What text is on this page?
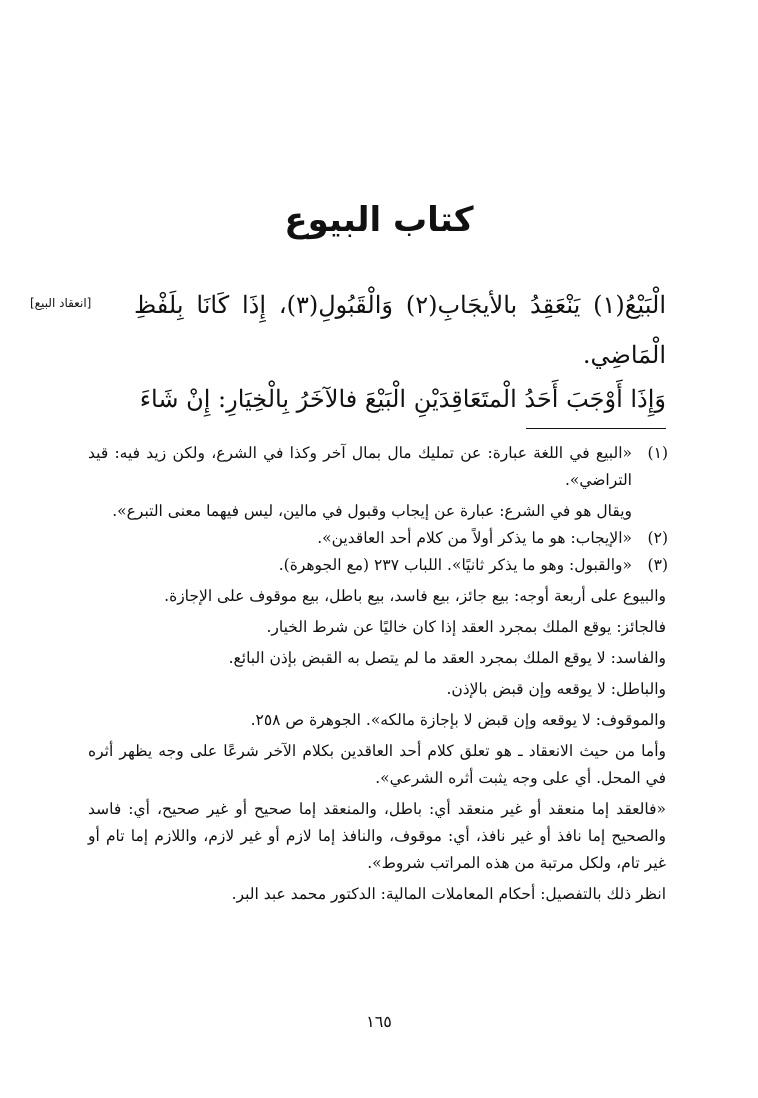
كتاب البيوع
[انعقاد البيع]	الْبَيْعُ(١) يَنْعَقِدُ بالأيجَابِ(٢) وَالْقَبُولِ(٣)، إِذَا كَانَا بِلَفْظِ الْمَاضِي.
وَإِذَا أَوْجَبَ أَحَدُ الْمتَعَاقِدَيْنِ الْبَيْعَ فالآخَرُ بِالْخِيَارِ: إِنْ شَاءَ
(١)

«البيع في اللغة عبارة: عن تمليك مال بمال آخر وكذا في الشرع، ولكن زيد فيه: قيد التراضي».

ويقال هو في الشرع: عبارة عن إيجاب وقبول في مالين، ليس فيهما معنى التبرع».

(٢)

«الإيجاب: هو ما يذكر أولاً من كلام أحد العاقدين».

(٣)

«والقبول: وهو ما يذكر ثانيًا». اللباب ٢٣٧ (مع الجوهرة).

والبيوع على أربعة أوجه: بيع جائز، بيع فاسد، بيع باطل، بيع موقوف على الإجازة.

فالجائز: يوقع الملك بمجرد العقد إذا كان خاليًا عن شرط الخيار.

والفاسد: لا يوقع الملك بمجرد العقد ما لم يتصل به القبض بإذن البائع.

والباطل: لا يوقعه وإن قبض بالإذن.

والموقوف: لا يوقعه وإن قبض لا بإجازة مالكه». الجوهرة ص ٢٥٨.

وأما من حيث الانعقاد ـ هو تعلق كلام أحد العاقدين بكلام الآخر شرعًا على وجه يظهر أثره في المحل. أي على وجه يثبت أثره الشرعي».

«فالعقد إما منعقد أو غير منعقد أي: باطل، والمنعقد إما صحيح أو غير صحيح، أي: فاسد والصحيح إما نافذ أو غير نافذ، أي: موقوف، والنافذ إما لازم أو غير لازم، واللازم إما تام أو غير تام، ولكل مرتبة من هذه المراتب شروط».

انظر ذلك بالتفصيل: أحكام المعاملات المالية: الدكتور محمد عبد البر.

١٦٥
